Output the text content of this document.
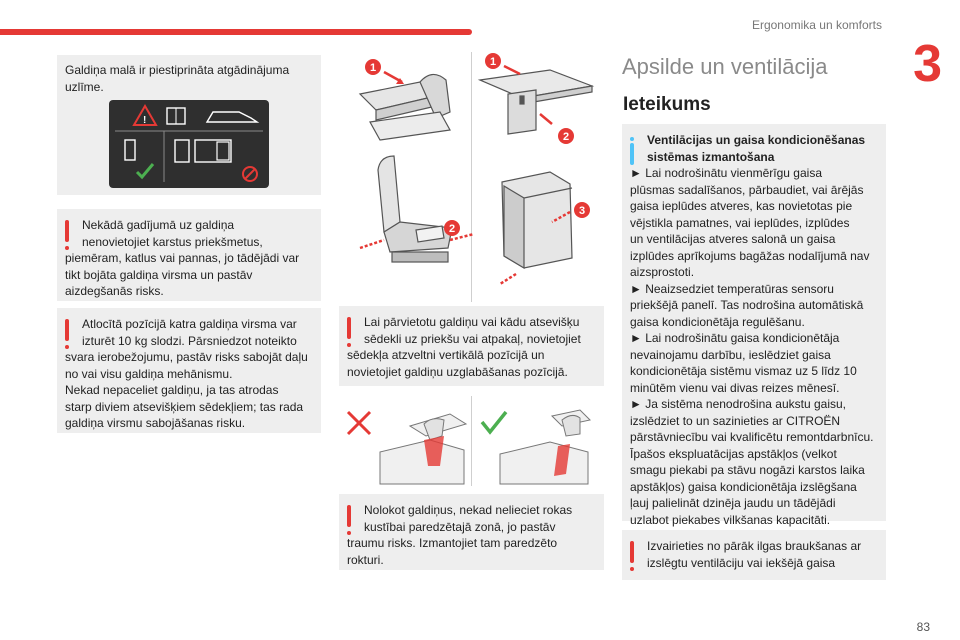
Ergonomika un komforts
3

Galdiņa malā ir piestiprināta atgādinājuma uzlīme.

!
Nekādā gadījumā uz galdiņa
nenovietojiet karstus priekšmetus,
piemēram, katlus vai pannas, jo tādējādi var
tikt bojāta galdiņa virsma un pastāv
aizdegšanās risks.
Atlocītā pozīcijā katra galdiņa virsma var
izturēt 10 kg slodzi. Pārsniedzot noteikto
svara ierobežojumu, pastāv risks sabojāt daļu
no vai visu galdiņa mehānismu.
Nekad nepaceliet galdiņu, ja tas atrodas
starp diviem atsevišķiem sēdekļiem; tas rada
galdiņa virsmu sabojāšanas risku.
1	1
2
2
3
Lai pārvietotu galdiņu vai kādu atsevišķu
sēdekli uz priekšu vai atpakaļ, novietojiet
sēdekļa atzveltni vertikālā pozīcijā un
novietojiet galdiņu uzglabāšanas pozīcijā.
Nolokot galdiņus, nekad nelieciet rokas
kustībai paredzētajā zonā, jo pastāv
traumu risks. Izmantojiet tam paredzēto
rokturi.
Apsilde un ventilācija
Ieteikums
Ventilācijas un gaisa kondicionēšanas
sistēmas izmantošana
► Lai nodrošinātu vienmērīgu gaisa
plūsmas sadalīšanos, pārbaudiet, vai ārējās
gaisa ieplūdes atveres, kas novietotas pie
vējstikla pamatnes, vai ieplūdes, izplūdes
un ventilācijas atveres salonā un gaisa
izplūdes aprīkojums bagāžas nodalījumā nav
aizsprostoti.
► Neaizsedziet temperatūras sensoru
priekšējā panelī. Tas nodrošina automātiskā
gaisa kondicionētāja regulēšanu.
► Lai nodrošinātu gaisa kondicionētāja
nevainojamu darbību, ieslēdziet gaisa
kondicionētāja sistēmu vismaz uz 5 līdz 10
minūtēm vienu vai divas reizes mēnesī.
► Ja sistēma nenodrošina aukstu gaisu,
izslēdziet to un sazinieties ar CITROËN
pārstāvniecību vai kvalificētu remontdarbnīcu.
Īpašos ekspluatācijas apstākļos (velkot
smagu piekabi pa stāvu nogāzi karstos laika
apstākļos) gaisa kondicionētāja izslēgšana
ļauj palielināt dzinēja jaudu un tādējādi
uzlabot piekabes vilkšanas kapacitāti.
Izvairieties no pārāk ilgas braukšanas ar
izslēgtu ventilāciju vai iekšējā gaisa
83
